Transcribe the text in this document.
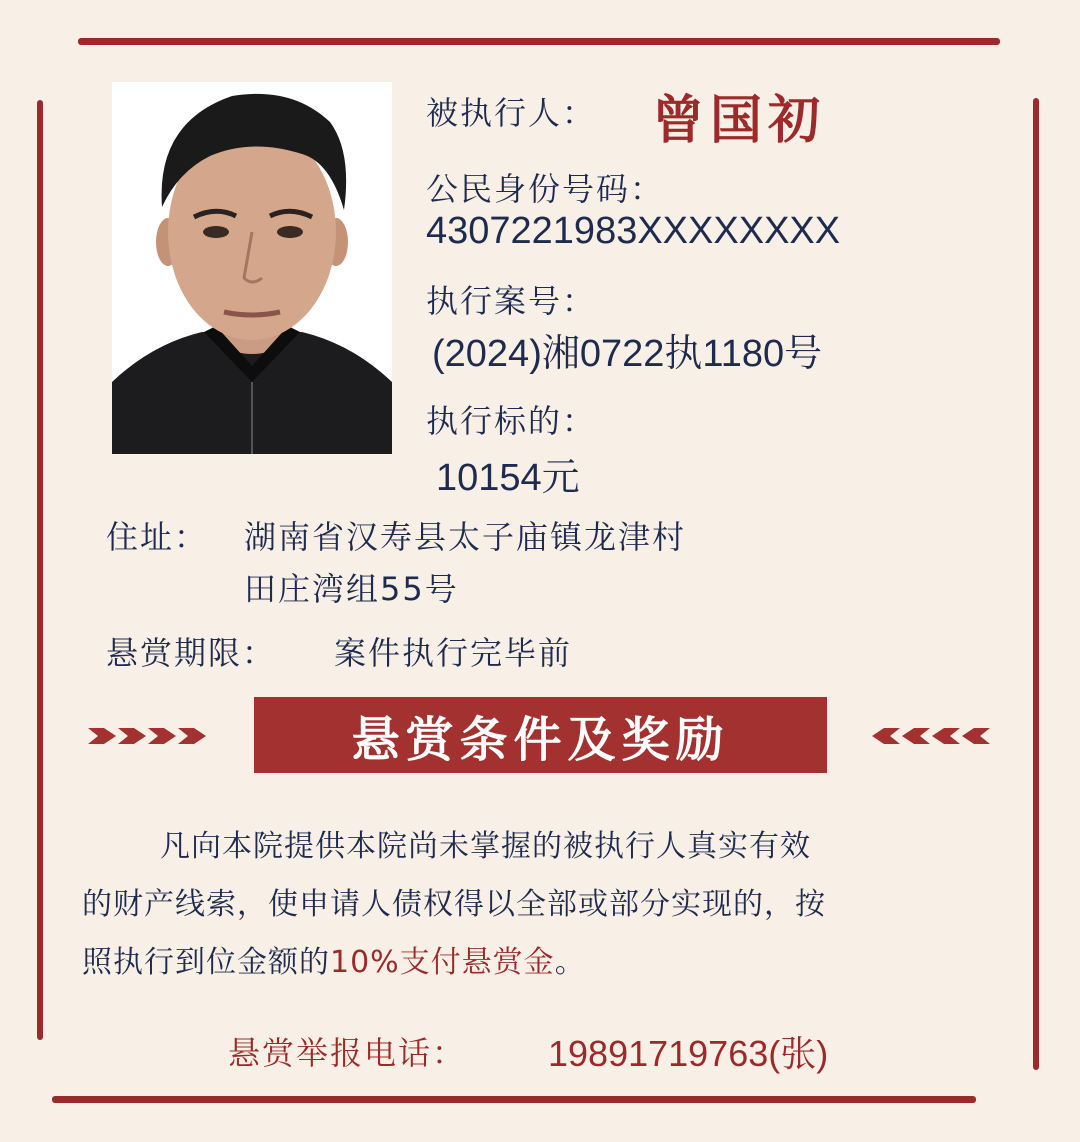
被执行人： 曾国初
公民身份号码：
4307221983XXXXXXXX
执行案号：
(2024)湘0722执1180号
执行标的：
10154元
住址： 湖南省汉寿县太子庙镇龙津村
田庄湾组55号
悬赏期限： 案件执行完毕前
悬赏条件及奖励
凡向本院提供本院尚未掌握的被执行人真实有效
的财产线索，使申请人债权得以全部或部分实现的，按
照执行到位金额的10%支付悬赏金。
悬赏举报电话： 19891719763(张)
